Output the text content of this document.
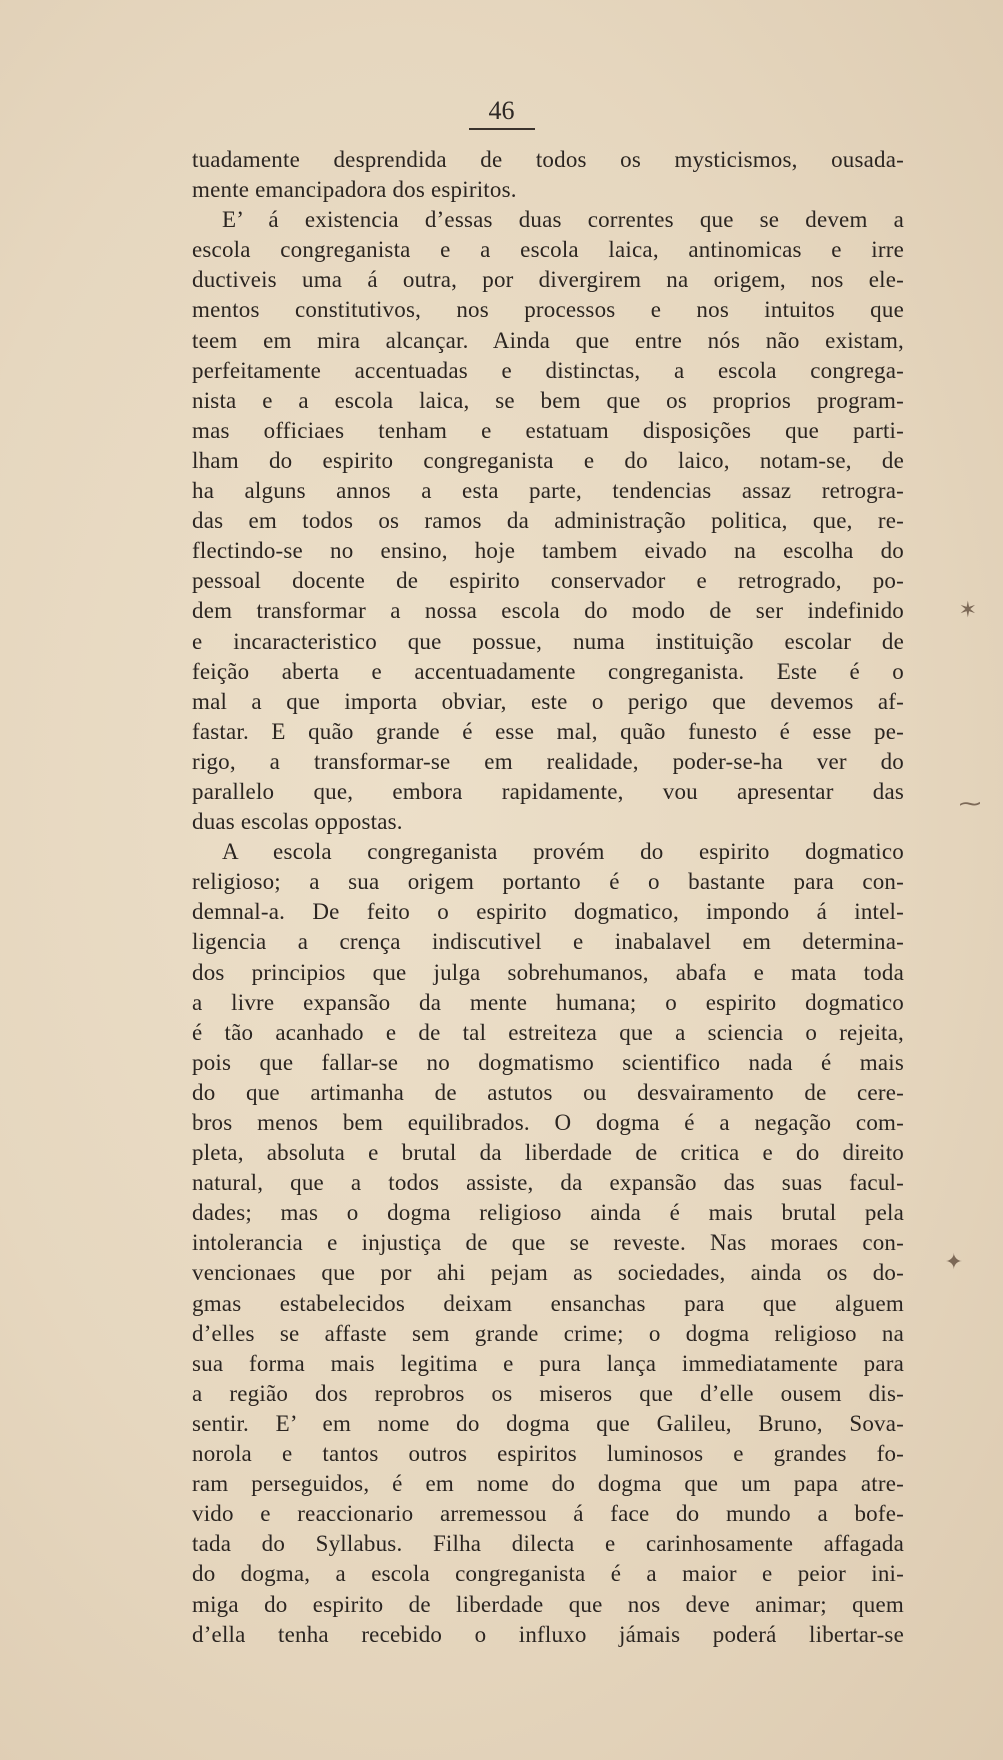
46
tuadamente desprendida de todos os mysticismos, ousada-
mente emancipadora dos espiritos.
E’ á existencia d’essas duas correntes que se devem a
escola congreganista e a escola laica, antinomicas e irre
ductiveis uma á outra, por divergirem na origem, nos ele-
mentos constitutivos, nos processos e nos intuitos que
teem em mira alcançar. Ainda que entre nós não existam,
perfeitamente accentuadas e distinctas, a escola congrega-
nista e a escola laica, se bem que os proprios program-
mas officiaes tenham e estatuam disposições que parti-
lham do espirito congreganista e do laico, notam-se, de
ha alguns annos a esta parte, tendencias assaz retrogra-
das em todos os ramos da administração politica, que, re-
flectindo-se no ensino, hoje tambem eivado na escolha do
pessoal docente de espirito conservador e retrogrado, po-
dem transformar a nossa escola do modo de ser indefinido
e incaracteristico que possue, numa instituição escolar de
feição aberta e accentuadamente congreganista. Este é o
mal a que importa obviar, este o perigo que devemos af-
fastar. E quão grande é esse mal, quão funesto é esse pe-
rigo, a transformar-se em realidade, poder-se-ha ver do
parallelo que, embora rapidamente, vou apresentar das
duas escolas oppostas.
A escola congreganista provém do espirito dogmatico
religioso; a sua origem portanto é o bastante para con-
demnal-a. De feito o espirito dogmatico, impondo á intel-
ligencia a crença indiscutivel e inabalavel em determina-
dos principios que julga sobrehumanos, abafa e mata toda
a livre expansão da mente humana; o espirito dogmatico
é tão acanhado e de tal estreiteza que a sciencia o rejeita,
pois que fallar-se no dogmatismo scientifico nada é mais
do que artimanha de astutos ou desvairamento de cere-
bros menos bem equilibrados. O dogma é a negação com-
pleta, absoluta e brutal da liberdade de critica e do direito
natural, que a todos assiste, da expansão das suas facul-
dades; mas o dogma religioso ainda é mais brutal pela
intolerancia e injustiça de que se reveste. Nas moraes con-
vencionaes que por ahi pejam as sociedades, ainda os do-
gmas estabelecidos deixam ensanchas para que alguem
d’elles se affaste sem grande crime; o dogma religioso na
sua forma mais legitima e pura lança immediatamente para
a região dos reprobros os miseros que d’elle ousem dis-
sentir. E’ em nome do dogma que Galileu, Bruno, Sova-
norola e tantos outros espiritos luminosos e grandes fo-
ram perseguidos, é em nome do dogma que um papa atre-
vido e reaccionario arremessou á face do mundo a bofe-
tada do Syllabus. Filha dilecta e carinhosamente affagada
do dogma, a escola congreganista é a maior e peior ini-
miga do espirito de liberdade que nos deve animar; quem
d’ella tenha recebido o influxo jámais poderá libertar-se
✶
⁓
✦
